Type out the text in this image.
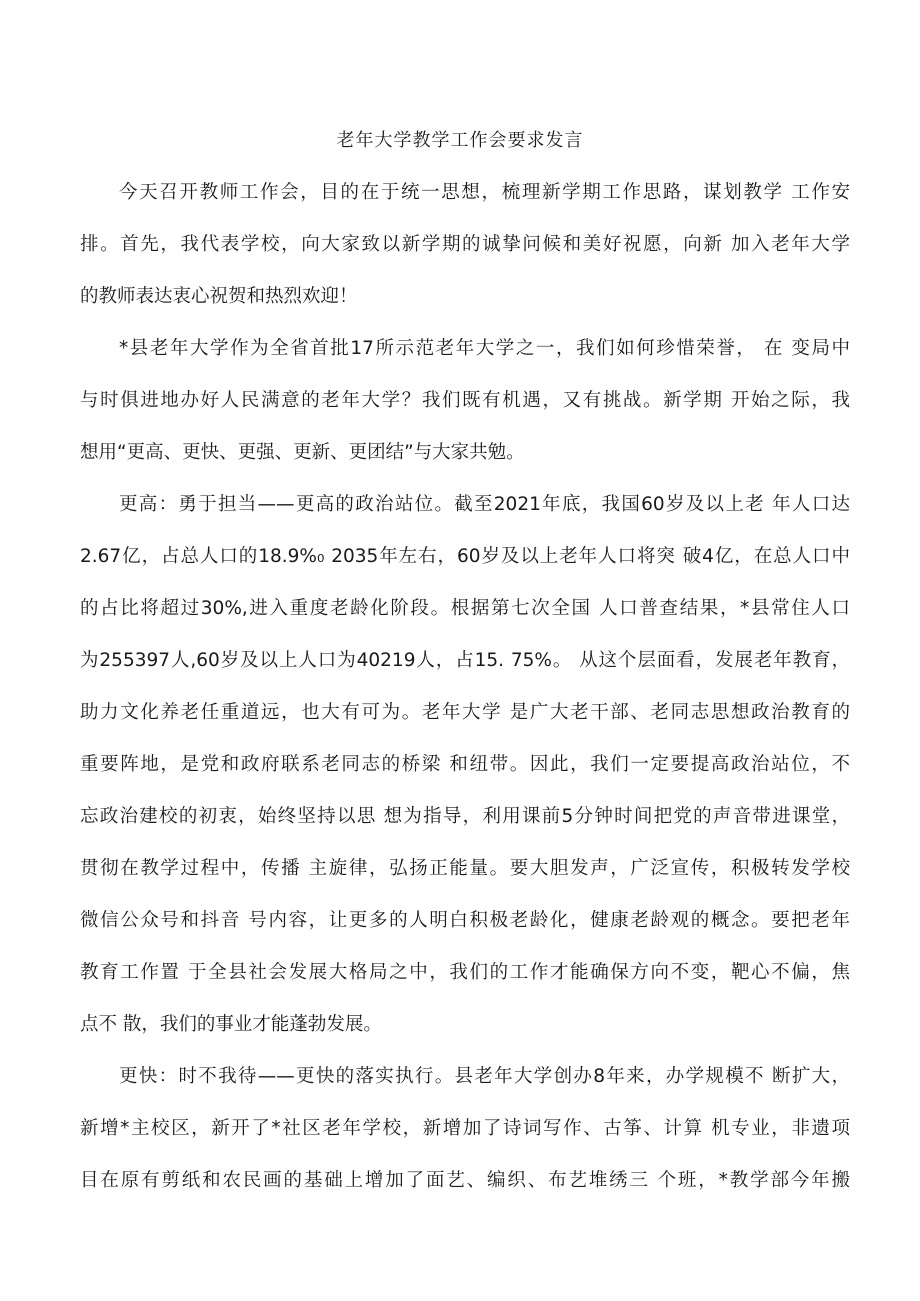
老年大学教学工作会要求发言
今天召开教师工作会，目的在于统一思想，梳理新学期工作思路，谋划教学 工作安
排。首先，我代表学校，向大家致以新学期的诚挚问候和美好祝愿，向新 加入老年大学
的教师表达衷心祝贺和热烈欢迎！
*县老年大学作为全省首批17所示范老年大学之一，我们如何珍惜荣誉， 在 变局中
与时俱进地办好人民满意的老年大学？我们既有机遇，又有挑战。新学期 开始之际，我
想用“更高、更快、更强、更新、更团结”与大家共勉。
更高：勇于担当——更高的政治站位。截至2021年底，我国60岁及以上老 年人口达
2.67亿，占总人口的18.9%₀ 2035年左右，60岁及以上老年人口将突 破4亿，在总人口中
的占比将超过30%,进入重度老龄化阶段。根据第七次全国 人口普查结果，*县常住人口
为255397人,60岁及以上人口为40219人，占15. 75%。 从这个层面看，发展老年教育，
助力文化养老任重道远，也大有可为。老年大学 是广大老干部、老同志思想政治教育的
重要阵地，是党和政府联系老同志的桥梁 和纽带。因此，我们一定要提高政治站位，不
忘政治建校的初衷，始终坚持以思 想为指导，利用课前5分钟时间把党的声音带进课堂，
贯彻在教学过程中，传播 主旋律，弘扬正能量。要大胆发声，广泛宣传，积极转发学校
微信公众号和抖音 号内容，让更多的人明白积极老龄化，健康老龄观的概念。要把老年
教育工作置 于全县社会发展大格局之中，我们的工作才能确保方向不变，靶心不偏，焦
点不 散，我们的事业才能蓬勃发展。
更快：时不我待——更快的落实执行。县老年大学创办8年来，办学规模不 断扩大，
新增*主校区，新开了*社区老年学校，新增加了诗词写作、古筝、计算 机专业，非遗项
目在原有剪纸和农民画的基础上增加了面艺、编织、布艺堆绣三 个班，*教学部今年搬
